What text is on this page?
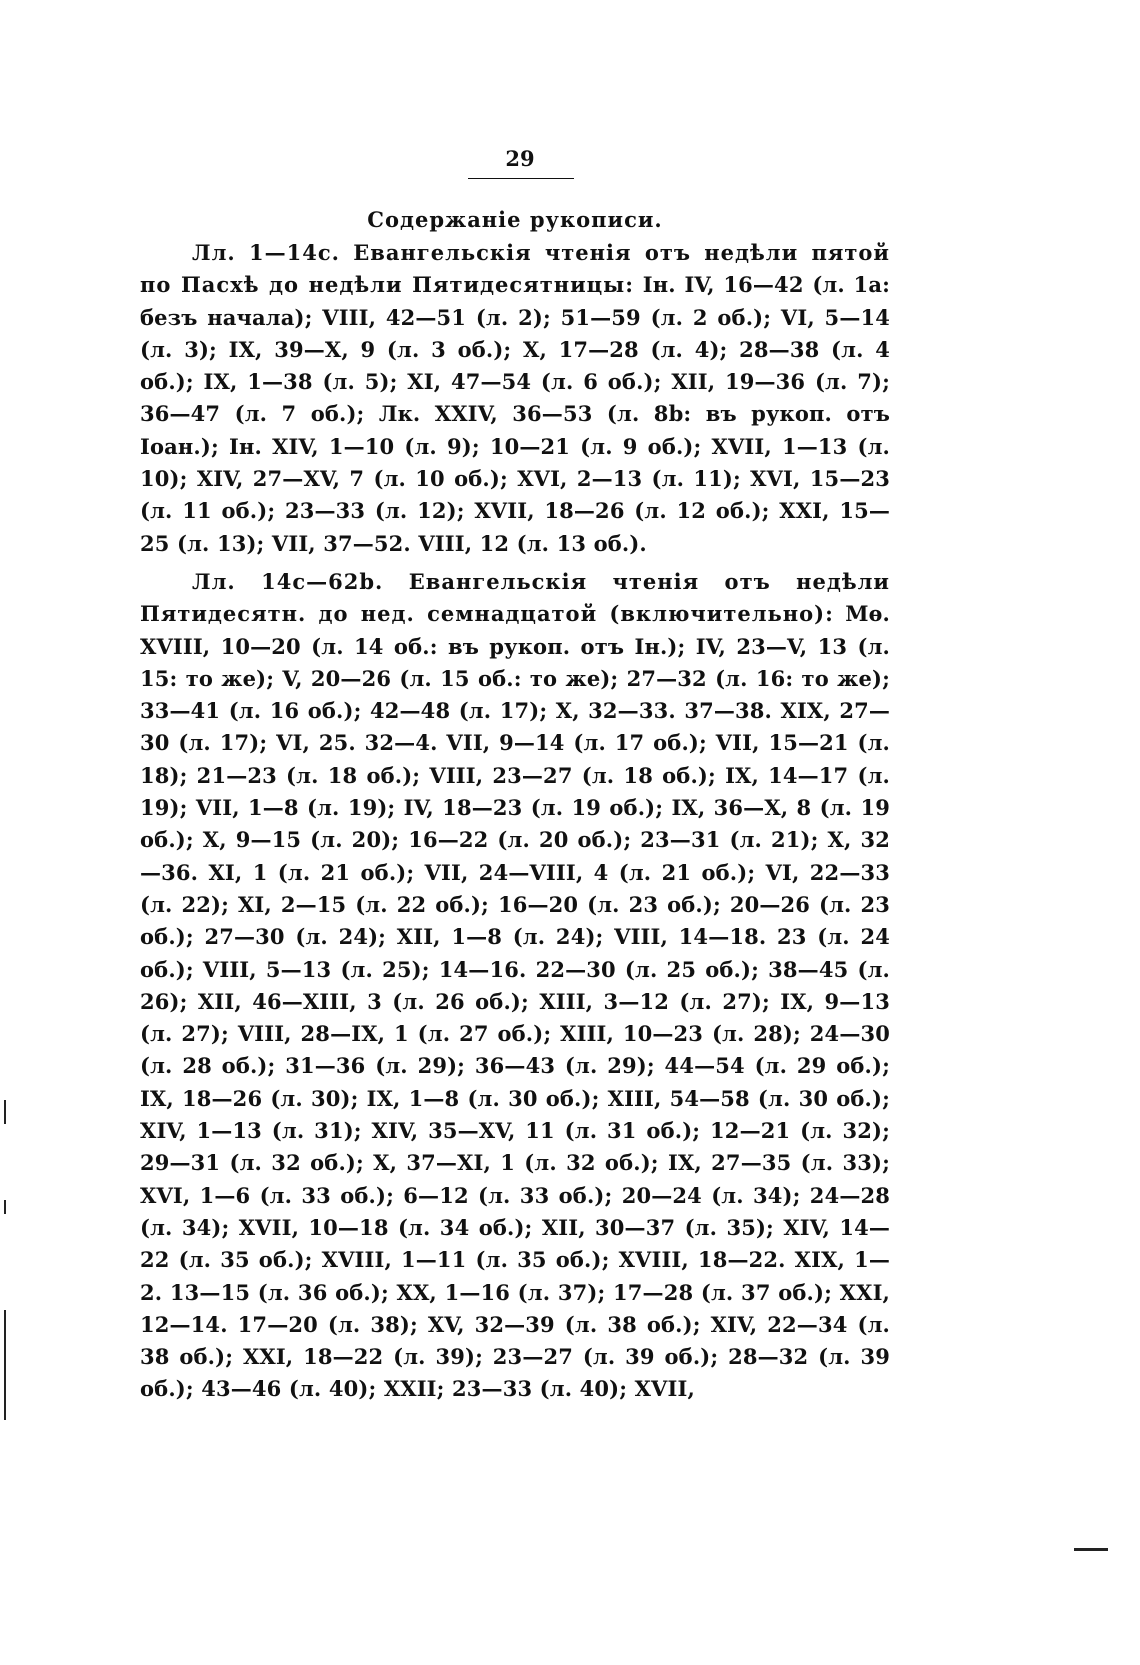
29
Содержаніе рукописи.
Лл. 1—14с. Евангельскія чтенія отъ недѣли пятой по Пасхѣ до недѣли Пятидесятницы: Ін. IV, 16—42 (л. 1а: безъ начала); VIII, 42—51 (л. 2); 51—59 (л. 2 об.); VI, 5—14 (л. 3); IX, 39—X, 9 (л. 3 об.); X, 17—28 (л. 4); 28—38 (л. 4 об.); IX, 1—38 (л. 5); XI, 47—54 (л. 6 об.); XII, 19—36 (л. 7); 36—47 (л. 7 об.); Лк. XXIV, 36—53 (л. 8b: въ рукоп. отъ Іоан.); Ін. XIV, 1—10 (л. 9); 10—21 (л. 9 об.); XVII, 1—13 (л. 10); XIV, 27—XV, 7 (л. 10 об.); XVI, 2—13 (л. 11); XVI, 15—23 (л. 11 об.); 23—33 (л. 12); XVII, 18—26 (л. 12 об.); XXI, 15—25 (л. 13); VII, 37—52. VIII, 12 (л. 13 об.).
Лл. 14с—62b. Евангельскія чтенія отъ недѣли Пятидесятн. до нед. семнадцатой (включительно): Мѳ. XVIII, 10—20 (л. 14 об.: въ рукоп. отъ Ін.); IV, 23—V, 13 (л. 15: то же); V, 20—26 (л. 15 об.: то же); 27—32 (л. 16: то же); 33—41 (л. 16 об.); 42—48 (л. 17); X, 32—33. 37—38. XIX, 27—30 (л. 17); VI, 25. 32—4. VII, 9—14 (л. 17 об.); VII, 15—21 (л. 18); 21—23 (л. 18 об.); VIII, 23—27 (л. 18 об.); IX, 14—17 (л. 19); VII, 1—8 (л. 19); IV, 18—23 (л. 19 об.); IX, 36—X, 8 (л. 19 об.); X, 9—15 (л. 20); 16—22 (л. 20 об.); 23—31 (л. 21); X, 32—36. XI, 1 (л. 21 об.); VII, 24—VIII, 4 (л. 21 об.); VI, 22—33 (л. 22); XI, 2—15 (л. 22 об.); 16—20 (л. 23 об.); 20—26 (л. 23 об.); 27—30 (л. 24); XII, 1—8 (л. 24); VIII, 14—18. 23 (л. 24 об.); VIII, 5—13 (л. 25); 14—16. 22—30 (л. 25 об.); 38—45 (л. 26); XII, 46—XIII, 3 (л. 26 об.); XIII, 3—12 (л. 27); IX, 9—13 (л. 27); VIII, 28—IX, 1 (л. 27 об.); XIII, 10—23 (л. 28); 24—30 (л. 28 об.); 31—36 (л. 29); 36—43 (л. 29); 44—54 (л. 29 об.); IX, 18—26 (л. 30); IX, 1—8 (л. 30 об.); XIII, 54—58 (л. 30 об.); XIV, 1—13 (л. 31); XIV, 35—XV, 11 (л. 31 об.); 12—21 (л. 32); 29—31 (л. 32 об.); X, 37—XI, 1 (л. 32 об.); IX, 27—35 (л. 33); XVI, 1—6 (л. 33 об.); 6—12 (л. 33 об.); 20—24 (л. 34); 24—28 (л. 34); XVII, 10—18 (л. 34 об.); XII, 30—37 (л. 35); XIV, 14—22 (л. 35 об.); XVIII, 1—11 (л. 35 об.); XVIII, 18—22. XIX, 1—2. 13—15 (л. 36 об.); XX, 1—16 (л. 37); 17—28 (л. 37 об.); XXI, 12—14. 17—20 (л. 38); XV, 32—39 (л. 38 об.); XIV, 22—34 (л. 38 об.); XXI, 18—22 (л. 39); 23—27 (л. 39 об.); 28—32 (л. 39 об.); 43—46 (л. 40); XXII; 23—33 (л. 40); XVII,
